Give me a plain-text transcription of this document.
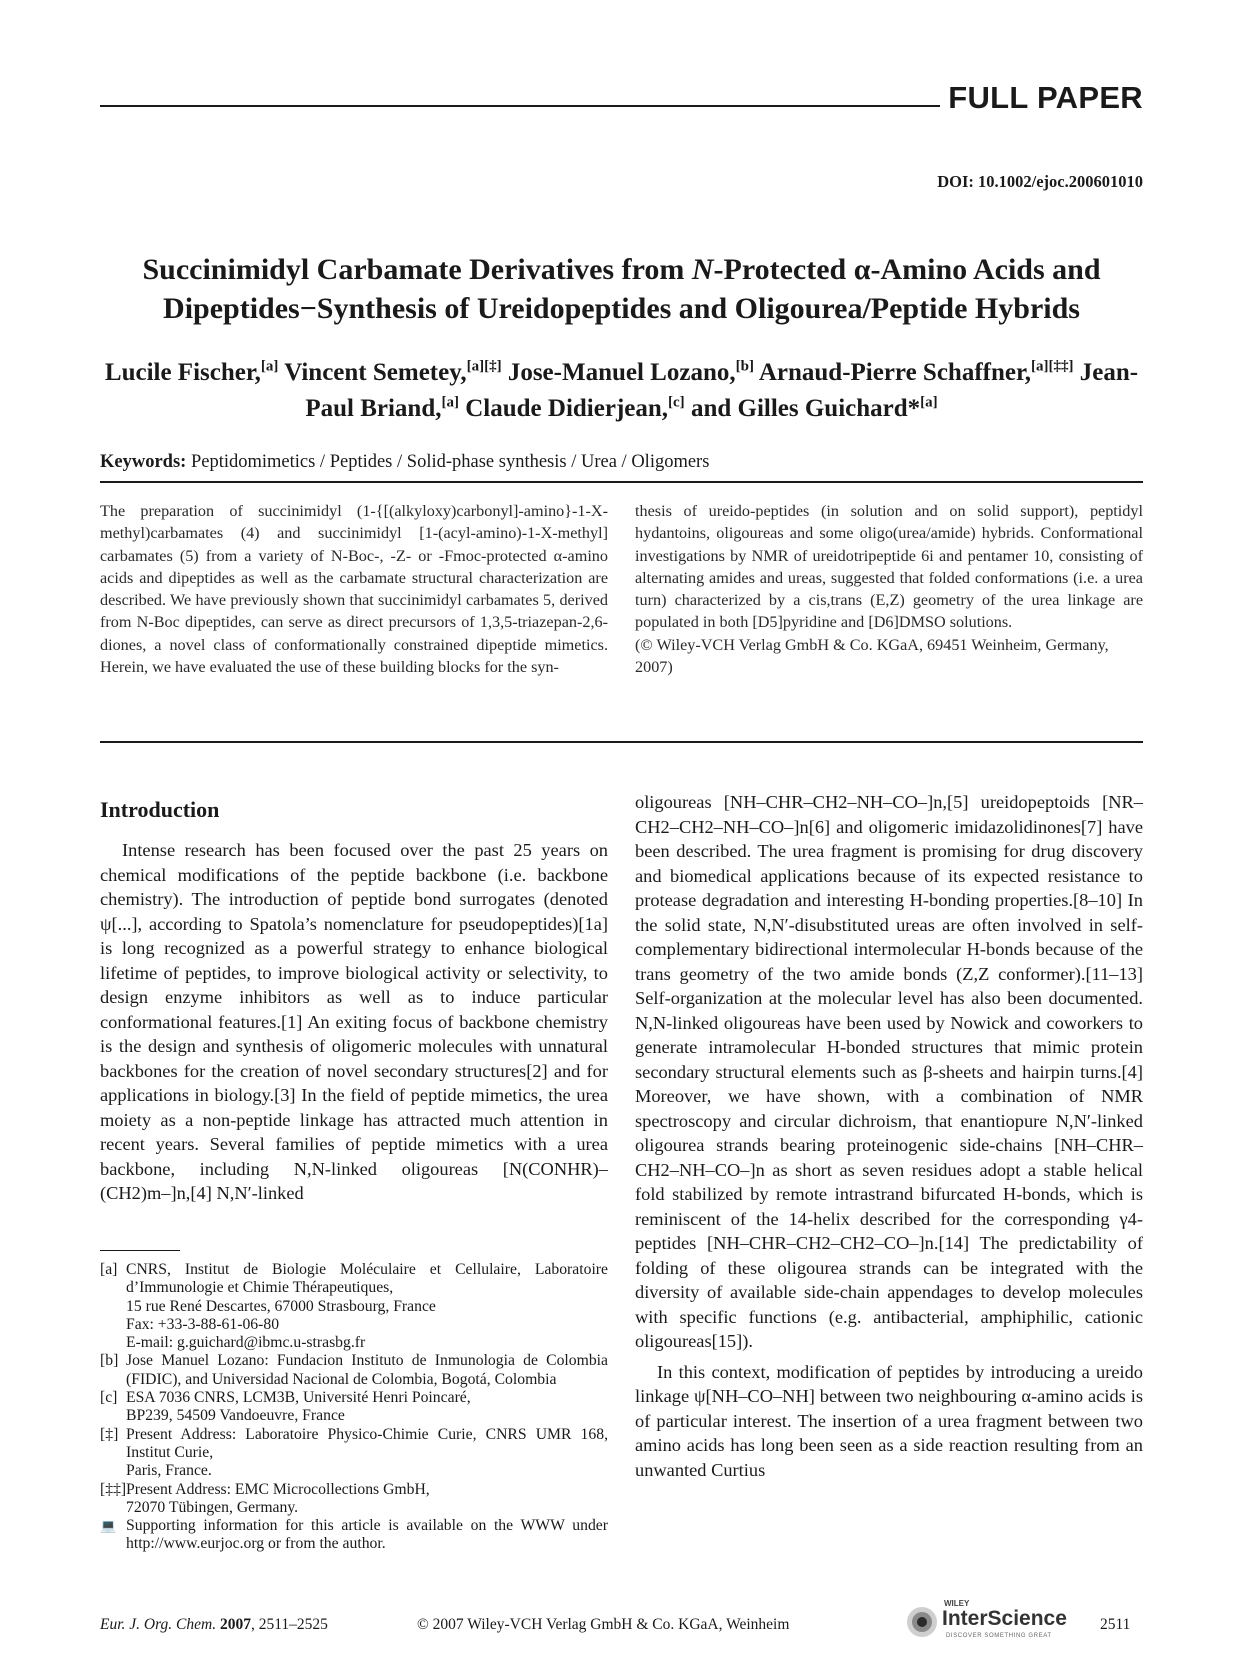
FULL PAPER
DOI: 10.1002/ejoc.200601010
Succinimidyl Carbamate Derivatives from N-Protected α-Amino Acids and Dipeptides−Synthesis of Ureidopeptides and Oligourea/Peptide Hybrids
Lucile Fischer,[a] Vincent Semetey,[a][‡] Jose-Manuel Lozano,[b] Arnaud-Pierre Schaffner,[a][‡‡] Jean-Paul Briand,[a] Claude Didierjean,[c] and Gilles Guichard*[a]
Keywords: Peptidomimetics / Peptides / Solid-phase synthesis / Urea / Oligomers
The preparation of succinimidyl (1-{[(alkyloxy)carbonyl]-amino}-1-X-methyl)carbamates (4) and succinimidyl [1-(acyl-amino)-1-X-methyl] carbamates (5) from a variety of N-Boc-, -Z- or -Fmoc-protected α-amino acids and dipeptides as well as the carbamate structural characterization are described. We have previously shown that succinimidyl carbamates 5, derived from N-Boc dipeptides, can serve as direct precursors of 1,3,5-triazepan-2,6-diones, a novel class of conformationally constrained dipeptide mimetics. Herein, we have evaluated the use of these building blocks for the syn-
thesis of ureido-peptides (in solution and on solid support), peptidyl hydantoins, oligoureas and some oligo(urea/amide) hybrids. Conformational investigations by NMR of ureidotripeptide 6i and pentamer 10, consisting of alternating amides and ureas, suggested that folded conformations (i.e. a urea turn) characterized by a cis,trans (E,Z) geometry of the urea linkage are populated in both [D5]pyridine and [D6]DMSO solutions.
(© Wiley-VCH Verlag GmbH & Co. KGaA, 69451 Weinheim, Germany, 2007)
Introduction

Intense research has been focused over the past 25 years on chemical modifications of the peptide backbone (i.e. backbone chemistry). The introduction of peptide bond surrogates (denoted ψ[...], according to Spatola’s nomenclature for pseudopeptides)[1a] is long recognized as a powerful strategy to enhance biological lifetime of peptides, to improve biological activity or selectivity, to design enzyme inhibitors as well as to induce particular conformational features.[1] An exiting focus of backbone chemistry is the design and synthesis of oligomeric molecules with unnatural backbones for the creation of novel secondary structures[2] and for applications in biology.[3] In the field of peptide mimetics, the urea moiety as a non-peptide linkage has attracted much attention in recent years. Several families of peptide mimetics with a urea backbone, including N,N-linked oligoureas [N(CONHR)–(CH2)m–]n,[4] N,N′-linked

oligoureas [NH–CHR–CH2–NH–CO–]n,[5] ureidopeptoids [NR–CH2–CH2–NH–CO–]n[6] and oligomeric imidazolidinones[7] have been described. The urea fragment is promising for drug discovery and biomedical applications because of its expected resistance to protease degradation and interesting H-bonding properties.[8–10] In the solid state, N,N′-disubstituted ureas are often involved in self-complementary bidirectional intermolecular H-bonds because of the trans geometry of the two amide bonds (Z,Z conformer).[11–13] Self-organization at the molecular level has also been documented. N,N-linked oligoureas have been used by Nowick and coworkers to generate intramolecular H-bonded structures that mimic protein secondary structural elements such as β-sheets and hairpin turns.[4] Moreover, we have shown, with a combination of NMR spectroscopy and circular dichroism, that enantiopure N,N′-linked oligourea strands bearing proteinogenic side-chains [NH–CHR–CH2–NH–CO–]n as short as seven residues adopt a stable helical fold stabilized by remote intrastrand bifurcated H-bonds, which is reminiscent of the 14-helix described for the corresponding γ4-peptides [NH–CHR–CH2–CH2–CO–]n.[14] The predictability of folding of these oligourea strands can be integrated with the diversity of available side-chain appendages to develop molecules with specific functions (e.g. antibacterial, amphiphilic, cationic oligoureas[15]).

In this context, modification of peptides by introducing a ureido linkage ψ[NH–CO–NH] between two neighbouring α-amino acids is of particular interest. The insertion of a urea fragment between two amino acids has long been seen as a side reaction resulting from an unwanted Curtius

[a] CNRS, Institut de Biologie Moléculaire et Cellulaire, Laboratoire d’Immunologie et Chimie Thérapeutiques,
15 rue René Descartes, 67000 Strasbourg, France
Fax: +33-3-88-61-06-80
E-mail: g.guichard@ibmc.u-strasbg.fr
[b] Jose Manuel Lozano: Fundacion Instituto de Inmunologia de Colombia (FIDIC), and Universidad Nacional de Colombia, Bogotá, Colombia
[c] ESA 7036 CNRS, LCM3B, Université Henri Poincaré,
BP239, 54509 Vandoeuvre, France
[‡] Present Address: Laboratoire Physico-Chimie Curie, CNRS UMR 168, Institut Curie,
Paris, France.
[‡‡] Present Address: EMC Microcollections GmbH,
72070 Tübingen, Germany.
💻 Supporting information for this article is available on the WWW under http://www.eurjoc.org or from the author.
Eur. J. Org. Chem. 2007, 2511–2525	© 2007 Wiley-VCH Verlag GmbH & Co. KGaA, Weinheim
WILEY
InterScience
DISCOVER SOMETHING GREAT
2511
